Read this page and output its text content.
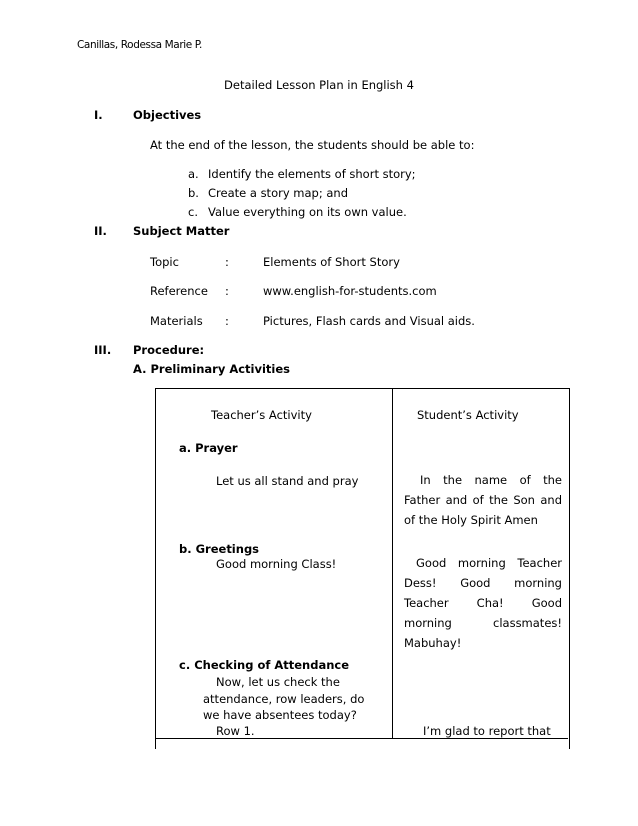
Canillas, Rodessa Marie P.
Detailed Lesson Plan in English 4
I.	Objectives
At the end of the lesson, the students should be able to:
a. Identify the elements of short story;
b. Create a story map; and
c. Value everything on its own value.
II. Subject Matter
Topic	:	Elements of Short Story
Reference :	www.english-for-students.com
Materials :	Pictures, Flash cards and Visual aids.
III. Procedure:
A. Preliminary Activities
Teacher’s Activity	Student’s Activity
a. Prayer
Let us all stand and pray	In the name of the Father and of the Son and of the Holy Spirit Amen
b. Greetings
Good morning Class!	Good morning Teacher Dess! Good morning Teacher Cha! Good morning classmates! Mabuhay!
c. Checking of Attendance
Now, let us check the
attendance, row leaders, do
we have absentees today?
Row 1.	I’m glad to report that
